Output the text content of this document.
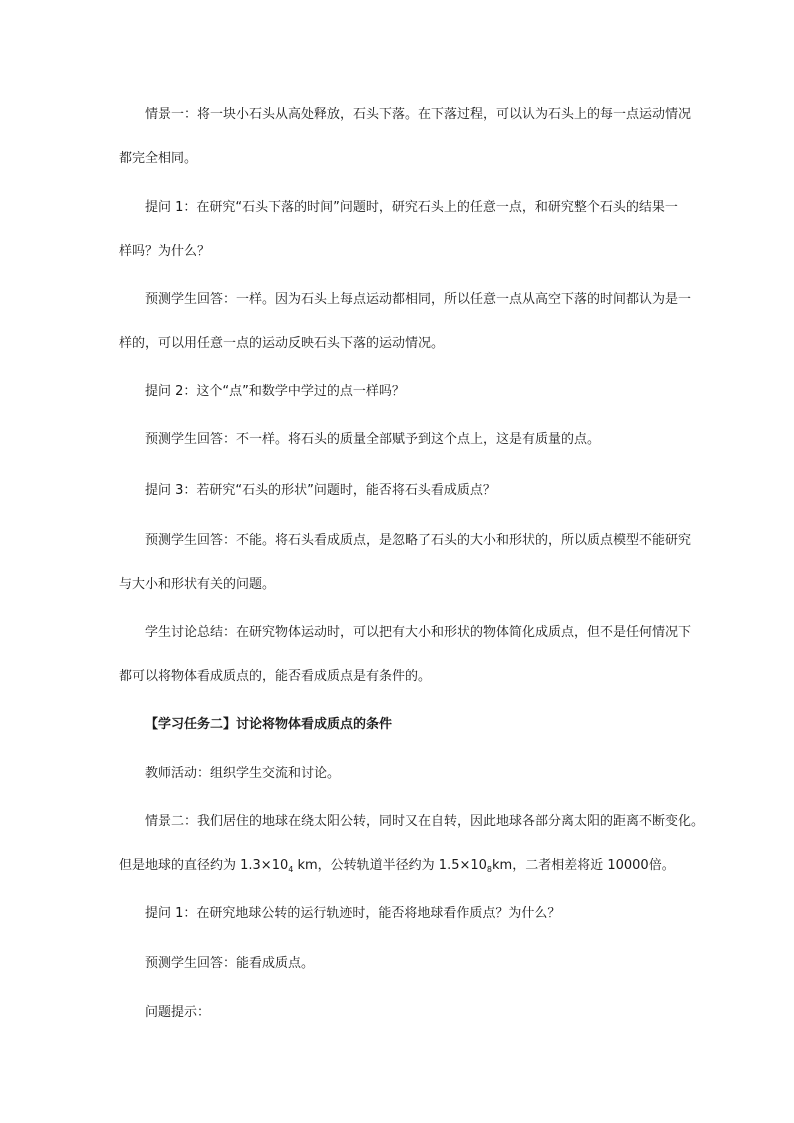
情景一：将一块小石头从高处释放，石头下落。在下落过程，可以认为石头上的每一点运动情况
都完全相同。
提问 1：在研究“石头下落的时间”问题时，研究石头上的任意一点，和研究整个石头的结果一
样吗？为什么？
预测学生回答：一样。因为石头上每点运动都相同，所以任意一点从高空下落的时间都认为是一
样的，可以用任意一点的运动反映石头下落的运动情况。
提问 2：这个“点”和数学中学过的点一样吗？
预测学生回答：不一样。将石头的质量全部赋予到这个点上，这是有质量的点。
提问 3：若研究“石头的形状”问题时，能否将石头看成质点？
预测学生回答：不能。将石头看成质点，是忽略了石头的大小和形状的，所以质点模型不能研究
与大小和形状有关的问题。
学生讨论总结：在研究物体运动时，可以把有大小和形状的物体简化成质点，但不是任何情况下
都可以将物体看成质点的，能否看成质点是有条件的。
【学习任务二】讨论将物体看成质点的条件
教师活动：组织学生交流和讨论。
情景二：我们居住的地球在绕太阳公转，同时又在自转，因此地球各部分离太阳的距离不断变化。
但是地球的直径约为 $1.3\times 10_4$ km，公转轨道半径约为 $1.5\times 10_8km$，二者相差将近 10000倍。
提问 1：在研究地球公转的运行轨迹时，能否将地球看作质点？为什么？
预测学生回答：能看成质点。
问题提示：
